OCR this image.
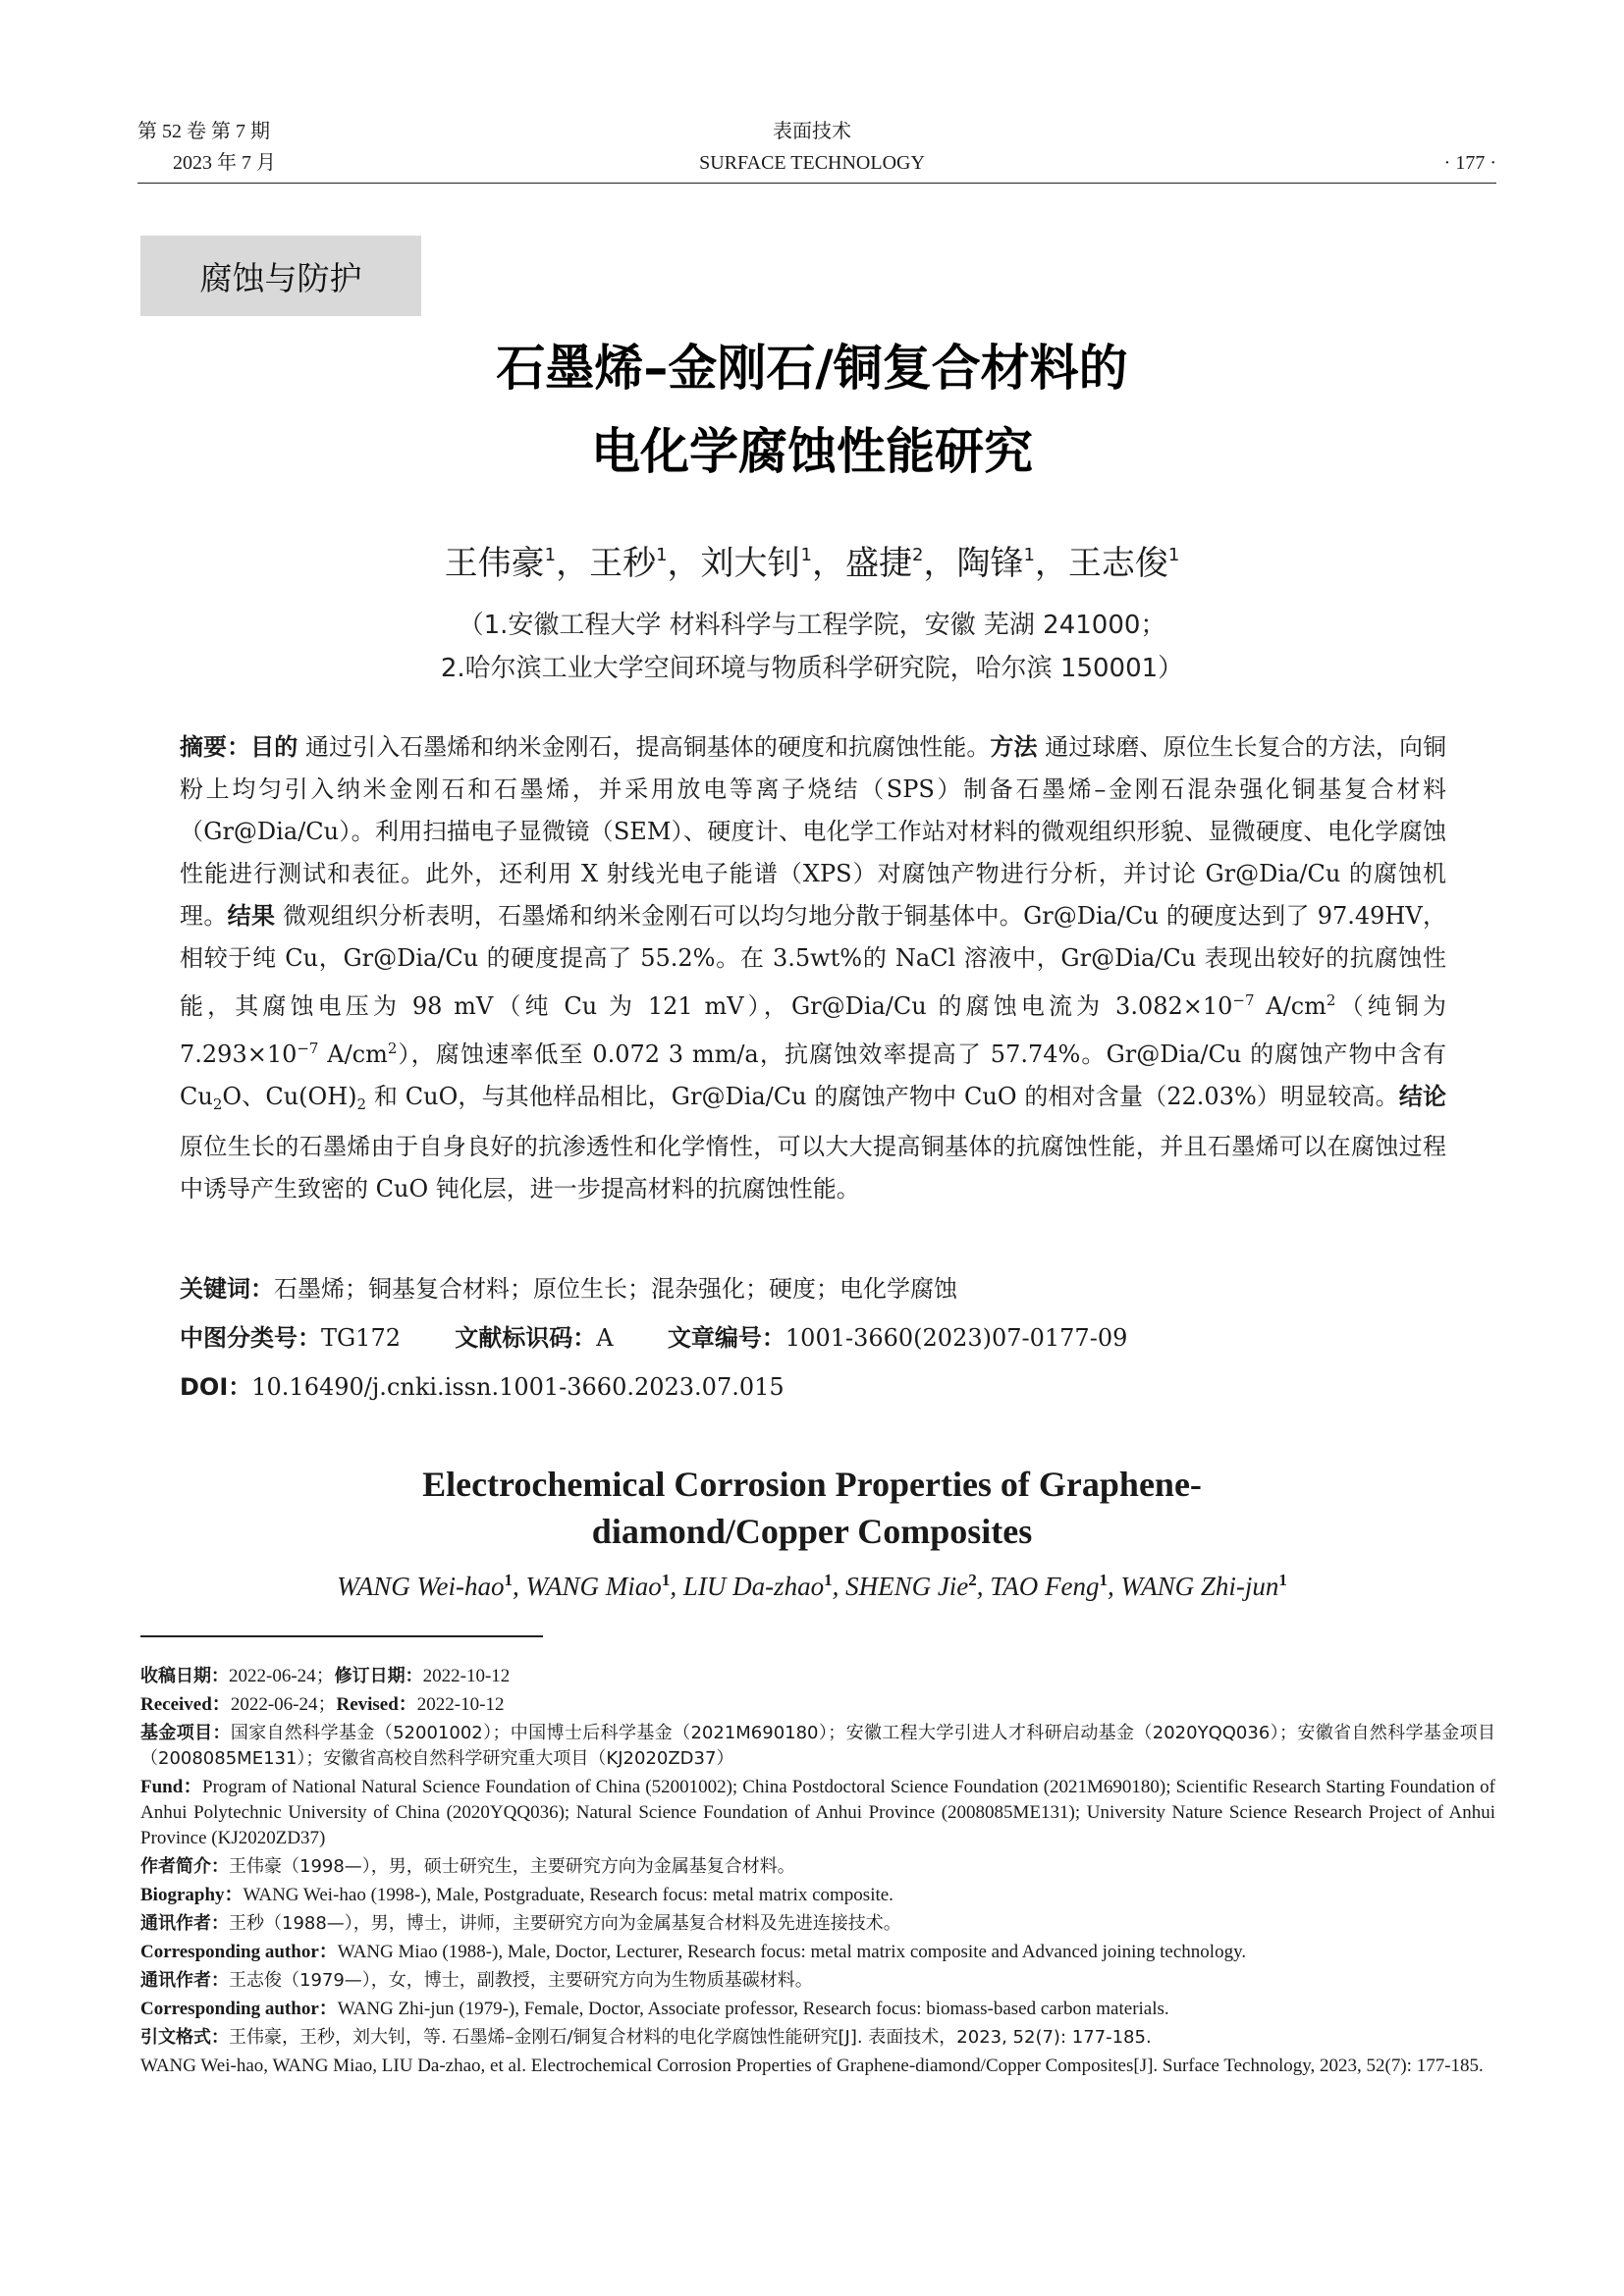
第 52 卷 第 7 期
2023 年 7 月
表面技术
SURFACE TECHNOLOGY	· 177 ·
腐蚀与防护
石墨烯–金刚石/铜复合材料的
电化学腐蚀性能研究
王伟豪$^1$，王秒$^1$，刘大钊$^1$，盛捷$^2$，陶锋$^1$，王志俊$^1$
（1.安徽工程大学 材料科学与工程学院，安徽 芜湖 241000；
2.哈尔滨工业大学空间环境与物质科学研究院，哈尔滨 150001）
摘要：目的 通过引入石墨烯和纳米金刚石，提高铜基体的硬度和抗腐蚀性能。方法 通过球磨、原位生长复合的方法，向铜粉上均匀引入纳米金刚石和石墨烯，并采用放电等离子烧结（SPS）制备石墨烯–金刚石混杂强化铜基复合材料（Gr@Dia/Cu）。利用扫描电子显微镜（SEM）、硬度计、电化学工作站对材料的微观组织形貌、显微硬度、电化学腐蚀性能进行测试和表征。此外，还利用 X 射线光电子能谱（XPS）对腐蚀产物进行分析，并讨论 Gr@Dia/Cu 的腐蚀机理。结果 微观组织分析表明，石墨烯和纳米金刚石可以均匀地分散于铜基体中。Gr@Dia/Cu 的硬度达到了 97.49HV，相较于纯 Cu，Gr@Dia/Cu 的硬度提高了 55.2%。在 3.5wt%的 NaCl 溶液中，Gr@Dia/Cu 表现出较好的抗腐蚀性能，其腐蚀电压为 98 mV（纯 Cu 为 121 mV），Gr@Dia/Cu 的腐蚀电流为 $3.082\times 10^{-7}$ $A/cm^2$（纯铜为 $7.293\times 10^{-7}$ $A/cm^2$），腐蚀速率低至 0.072 3 mm/a，抗腐蚀效率提高了 57.74%。Gr@Dia/Cu 的腐蚀产物中含有 $Cu_2O$、$Cu(OH)_2$ 和 CuO，与其他样品相比，Gr@Dia/Cu 的腐蚀产物中 CuO 的相对含量（22.03%）明显较高。结论 原位生长的石墨烯由于自身良好的抗渗透性和化学惰性，可以大大提高铜基体的抗腐蚀性能，并且石墨烯可以在腐蚀过程中诱导产生致密的 CuO 钝化层，进一步提高材料的抗腐蚀性能。
关键词：石墨烯；铜基复合材料；原位生长；混杂强化；硬度；电化学腐蚀
中图分类号：TG172 文献标识码：A 文章编号：1001-3660(2023)07-0177-09
DOI：10.16490/j.cnki.issn.1001-3660.2023.07.015
Electrochemical Corrosion Properties of Graphene-
diamond/Copper Composites
WANG Wei-hao$^1$, WANG Miao$^1$, LIU Da-zhao$^1$, SHENG Jie$^2$, TAO Feng$^1$, WANG Zhi-jun$^1$

收稿日期：2022-06-24；修订日期：2022-10-12

Received：2022-06-24；Revised：2022-10-12

基金项目：国家自然科学基金（52001002）；中国博士后科学基金（2021M690180）；安徽工程大学引进人才科研启动基金（2020YQQ036）；安徽省自然科学基金项目（2008085ME131）；安徽省高校自然科学研究重大项目（KJ2020ZD37）

Fund：Program of National Natural Science Foundation of China (52001002); China Postdoctoral Science Foundation (2021M690180); Scientific Research Starting Foundation of Anhui Polytechnic University of China (2020YQQ036); Natural Science Foundation of Anhui Province (2008085ME131); University Nature Science Research Project of Anhui Province (KJ2020ZD37)

作者简介：王伟豪（1998—），男，硕士研究生，主要研究方向为金属基复合材料。

Biography：WANG Wei-hao (1998-), Male, Postgraduate, Research focus: metal matrix composite.

通讯作者：王秒（1988—），男，博士，讲师，主要研究方向为金属基复合材料及先进连接技术。

Corresponding author：WANG Miao (1988-), Male, Doctor, Lecturer, Research focus: metal matrix composite and Advanced joining technology.

通讯作者：王志俊（1979—），女，博士，副教授，主要研究方向为生物质基碳材料。

Corresponding author：WANG Zhi-jun (1979-), Female, Doctor, Associate professor, Research focus: biomass-based carbon materials.

引文格式：王伟豪，王秒，刘大钊，等. 石墨烯–金刚石/铜复合材料的电化学腐蚀性能研究[J]. 表面技术，2023, 52(7): 177-185.

WANG Wei-hao, WANG Miao, LIU Da-zhao, et al. Electrochemical Corrosion Properties of Graphene-diamond/Copper Composites[J]. Surface Technology, 2023, 52(7): 177-185.
